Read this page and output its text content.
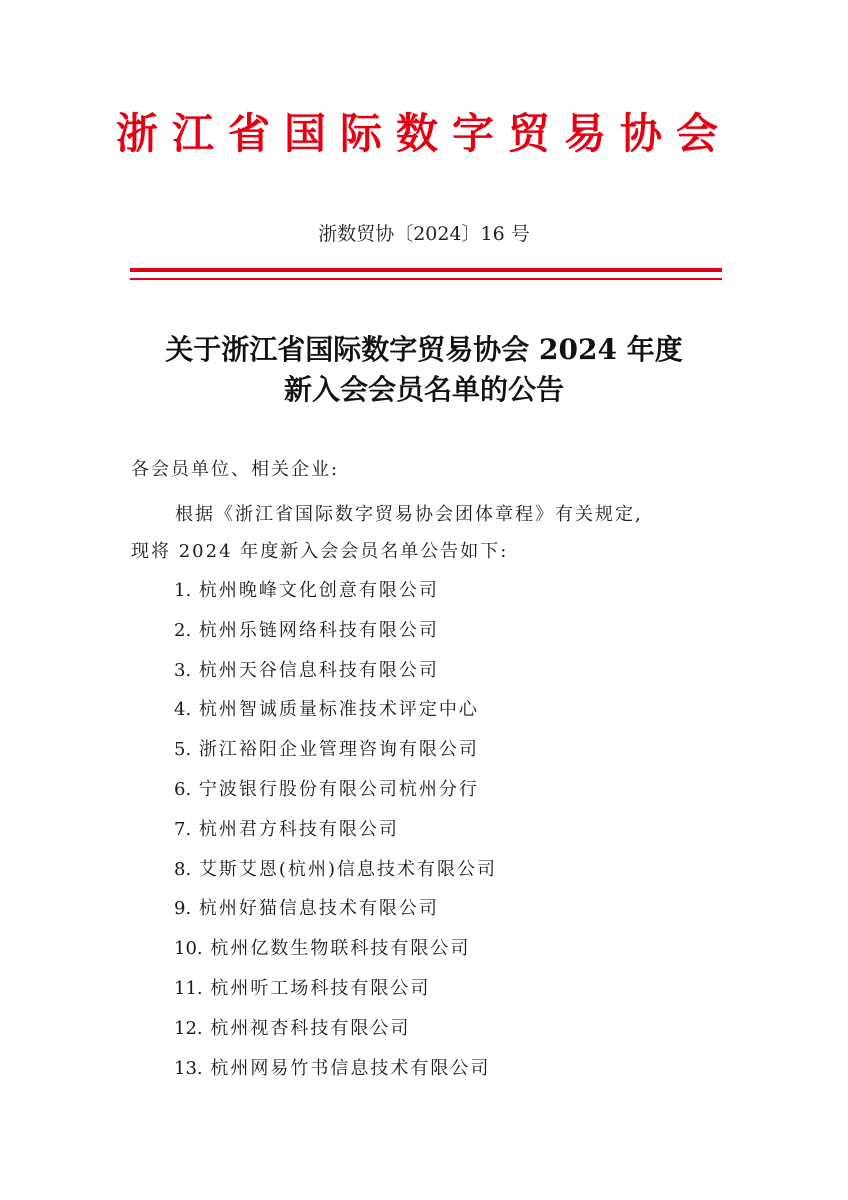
浙江省国际数字贸易协会
浙数贸协〔2024〕16 号
关于浙江省国际数字贸易协会 2024 年度
新入会会员名单的公告
各会员单位、相关企业:
根据《浙江省国际数字贸易协会团体章程》有关规定,
现将 2024 年度新入会会员名单公告如下:
1. 杭州晚峰文化创意有限公司
2. 杭州乐链网络科技有限公司
3. 杭州天谷信息科技有限公司
4. 杭州智诚质量标准技术评定中心
5. 浙江裕阳企业管理咨询有限公司
6. 宁波银行股份有限公司杭州分行
7. 杭州君方科技有限公司
8. 艾斯艾恩(杭州)信息技术有限公司
9. 杭州好猫信息技术有限公司
10. 杭州亿数生物联科技有限公司
11. 杭州听工场科技有限公司
12. 杭州视杏科技有限公司
13. 杭州网易竹书信息技术有限公司
